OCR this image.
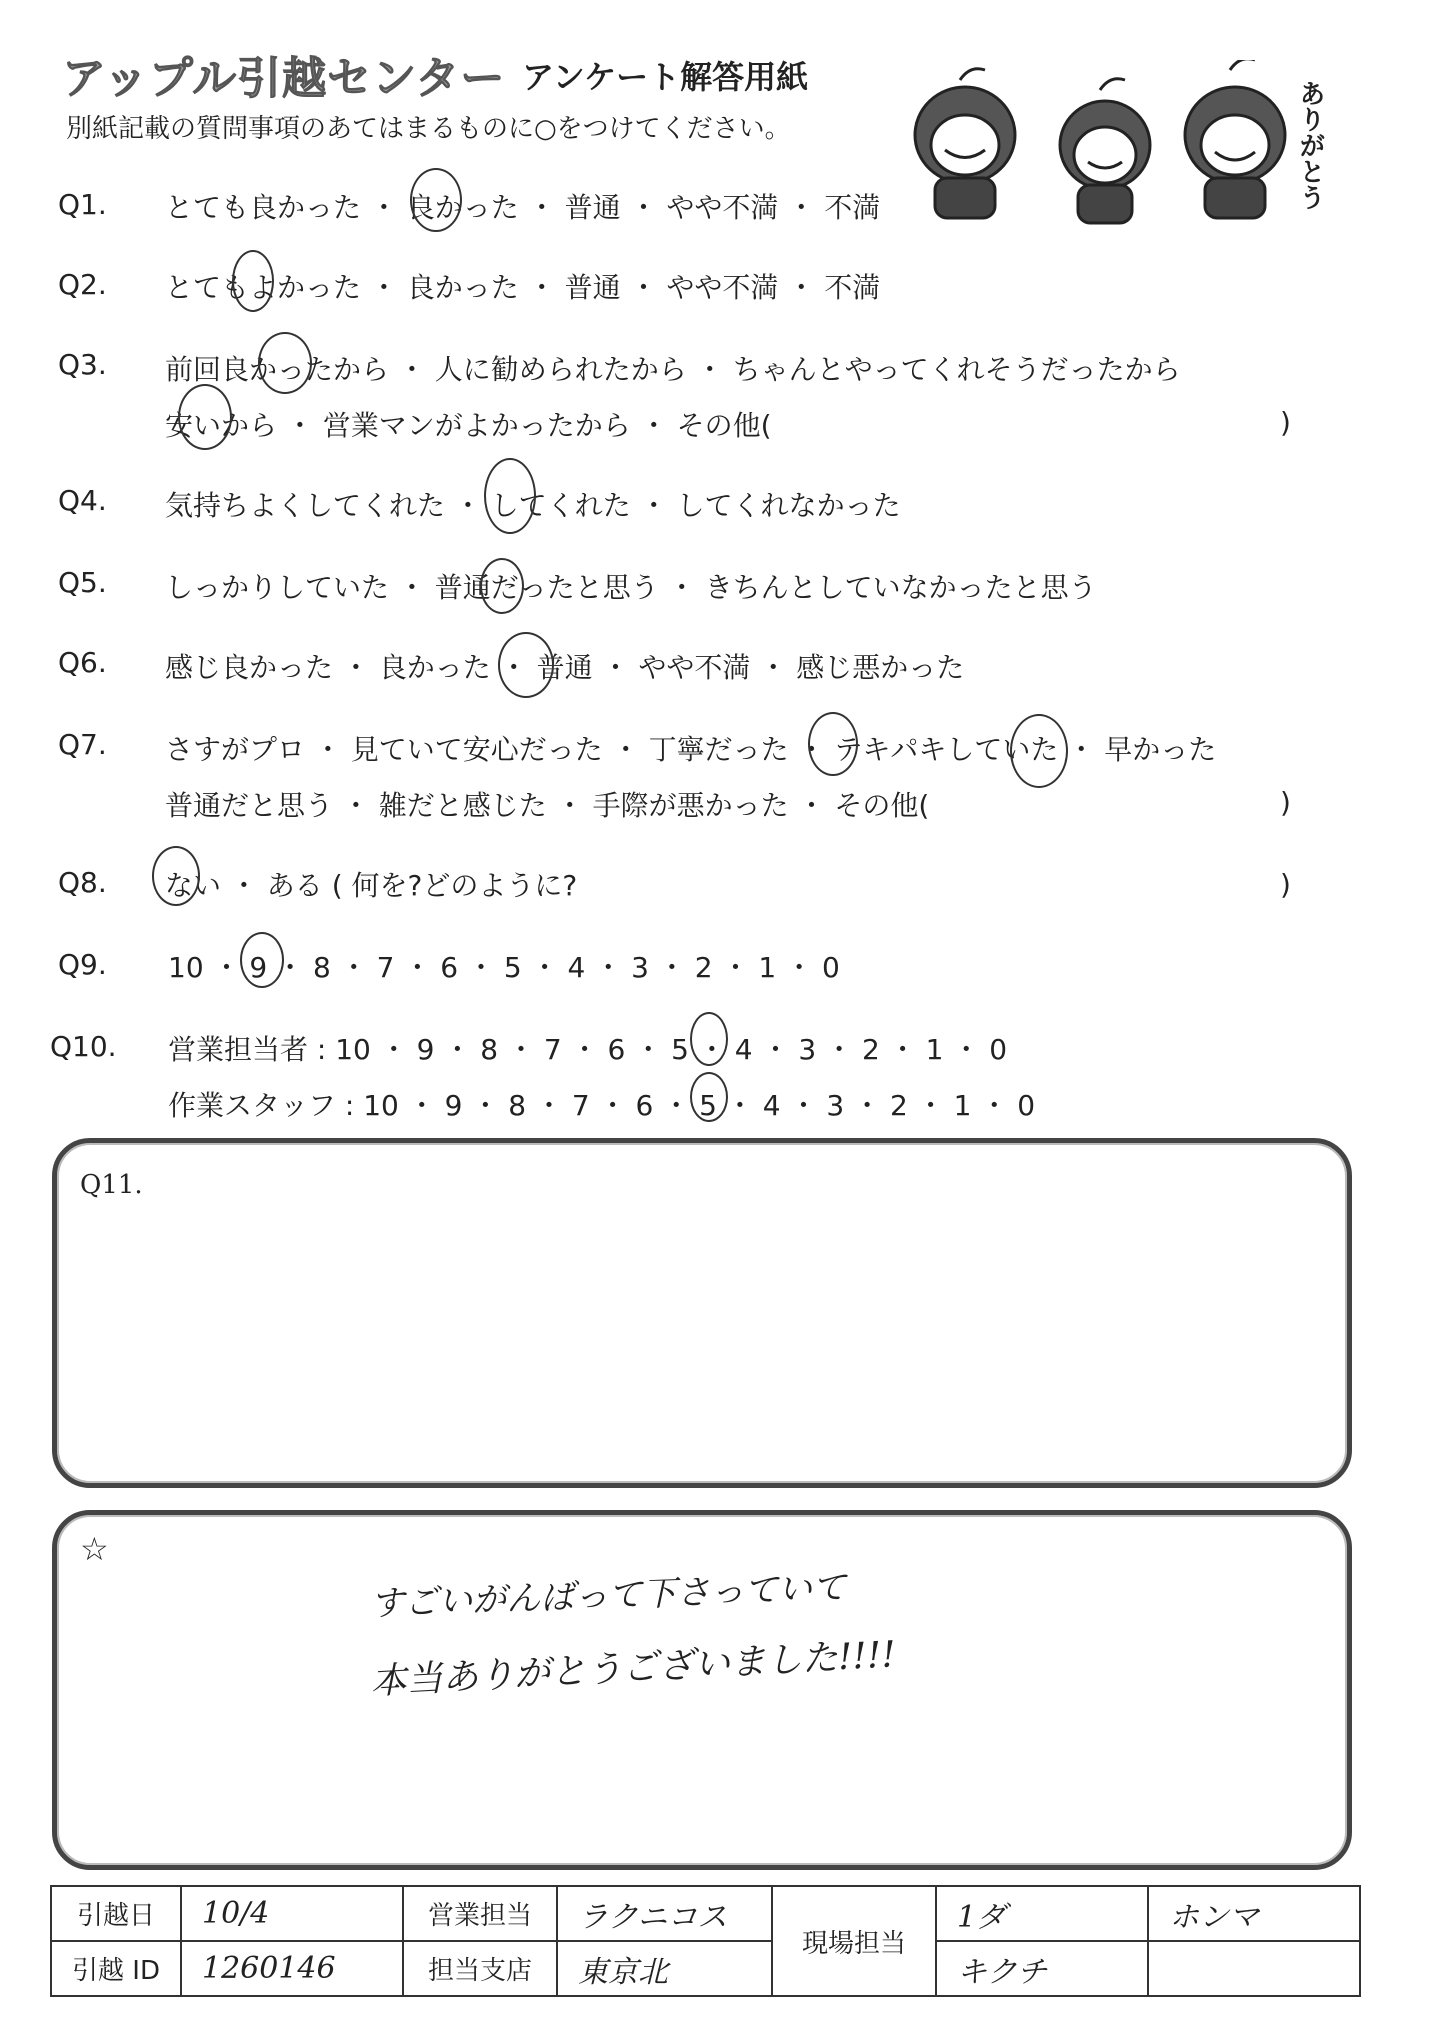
アップル引越センター アンケート解答用紙
別紙記載の質問事項のあてはまるものに○をつけてください。	ありがとう
Q1. とても良かった ・ 良かった ・ 普通 ・ やや不満 ・ 不満
Q2. とてもよかった ・ 良かった ・ 普通 ・ やや不満 ・ 不満
Q3. 前回良かったから ・ 人に勧められたから ・ ちゃんとやってくれそうだったから
安いから ・ 営業マンがよかったから ・ その他(	)
Q4. 気持ちよくしてくれた ・ してくれた ・ してくれなかった
Q5. しっかりしていた ・ 普通だったと思う ・ きちんとしていなかったと思う
Q6. 感じ良かった ・ 良かった ・ 普通 ・ やや不満 ・ 感じ悪かった
Q7. さすがプロ ・ 見ていて安心だった ・ 丁寧だった ・ テキパキしていた ・ 早かった
普通だと思う ・ 雑だと感じた ・ 手際が悪かった ・ その他(	)
Q8. ない ・ ある ( 何を?どのように?	)
Q9. 10 ・ 9 ・ 8 ・ 7 ・ 6 ・ 5 ・ 4 ・ 3 ・ 2 ・ 1 ・ 0
Q10. 営業担当者 : 10 ・ 9 ・ 8 ・ 7 ・ 6 ・ 5 ・ 4 ・ 3 ・ 2 ・ 1 ・ 0
作業スタッフ : 10 ・ 9 ・ 8 ・ 7 ・ 6 ・ 5 ・ 4 ・ 3 ・ 2 ・ 1 ・ 0
Q11.
☆
すごいがんばって下さっていて
本当ありがとうございました!!!!
引越日	10/4	営業担当	ラクニコス	現場担当	1ダ	ホンマ
引越 ID	1260146	担当支店	東京北		キクチ	
